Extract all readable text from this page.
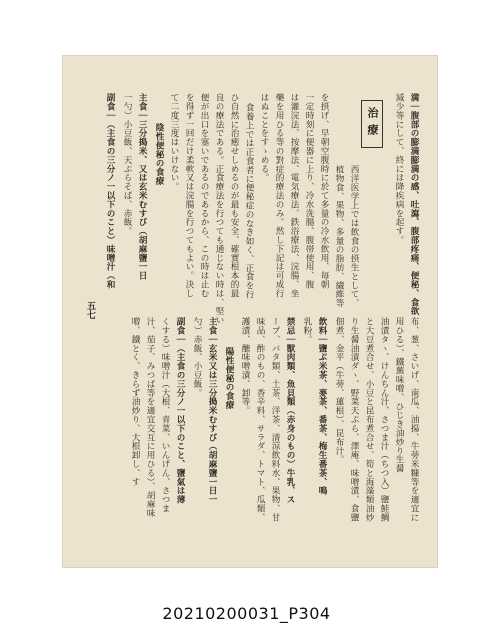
満｜腹部の膨満膨満の感、吐瀉、腹部疼痛、便秘、食欲
減少等にして、終には降疾病を起す。
治療
西洋医学上では飲食の摂生として、
植物食、果物、多量の脂肪、繊維等
を摂げ、早朝空腹時に於て多量の冷水飲用、毎朝
一定時刻に便器に上り、冷水洗腸、腹帯使用、腹
は灌浣法、按摩法、電気療法、鉄浴療法、浣腸、坐
藥を用ひる等の對症的療法のみ。然し下記は可成行
はぬことをすゝめる。
食養上では正食者に便秘症のなき如く、正食を行
ひ自然に治癒せしめるのが最も安全、確實根本的最
良の療法である。正食療法を行つても通じない時は、堅い
便が出口を塞いであるのであるから、この時は止む
を得ず一回だけ柔軟又は浣腸を行つてもよい。決し
て二度三度はいけない。
陰性便秘の食療
主食｜三分搗米、又は玄米むすび（胡麻鹽一日
一勺）小豆飯、天ぷらそば、赤飯。
副食｜（主食の三分ノ一以下のこと）味噌汁（和
布、葱、さいげ、南瓜、油揚、牛蒡米糠等を適宜に
用ひる）、鐵蕪味噌、ひじき油炒り生醤
油漬タヽ、けんちん汁、さつま汁（ちつ入）鹽鮭鯛
と大豆煮合せ、小豆と昆布煮合せ、筍と海藻類油炒
り生醤油漬ダヽ、野菜天ぷら、澤庵、味噌漬、食鹽
佃煮、金平（牛蒡、蓮根）、昆布汁。
飲料｜鹽ぷ米茶、麥茶、番茶、梅生番茶、鳴
乳粉。
禁忌｜獸肉類、魚貝類（赤身のもの）牛乳、ス
ープ、バタ類、土茶、洋茶、清涼飲料水、果物、甘
味品、酢のもの、香辛料、サラダ、トマト、瓜類、
護漬、醣味噌漬、卸等。
陽性便秘の食療
主食｜玄米又は三分搗米むすび（胡麻鹽一日一
勺）赤飯、小豆飯。
副食｜（主食の三分ノ一以下のこと、鹽氣は薄
くする）味噌汁（大根、青菜、いんげん、さつま
汁、茄子、みつば等を適宜交互に用ひる）、胡麻味
噌、鐵とく、きらず油炒り、大根卸し、す
五七
20210200031_P304
